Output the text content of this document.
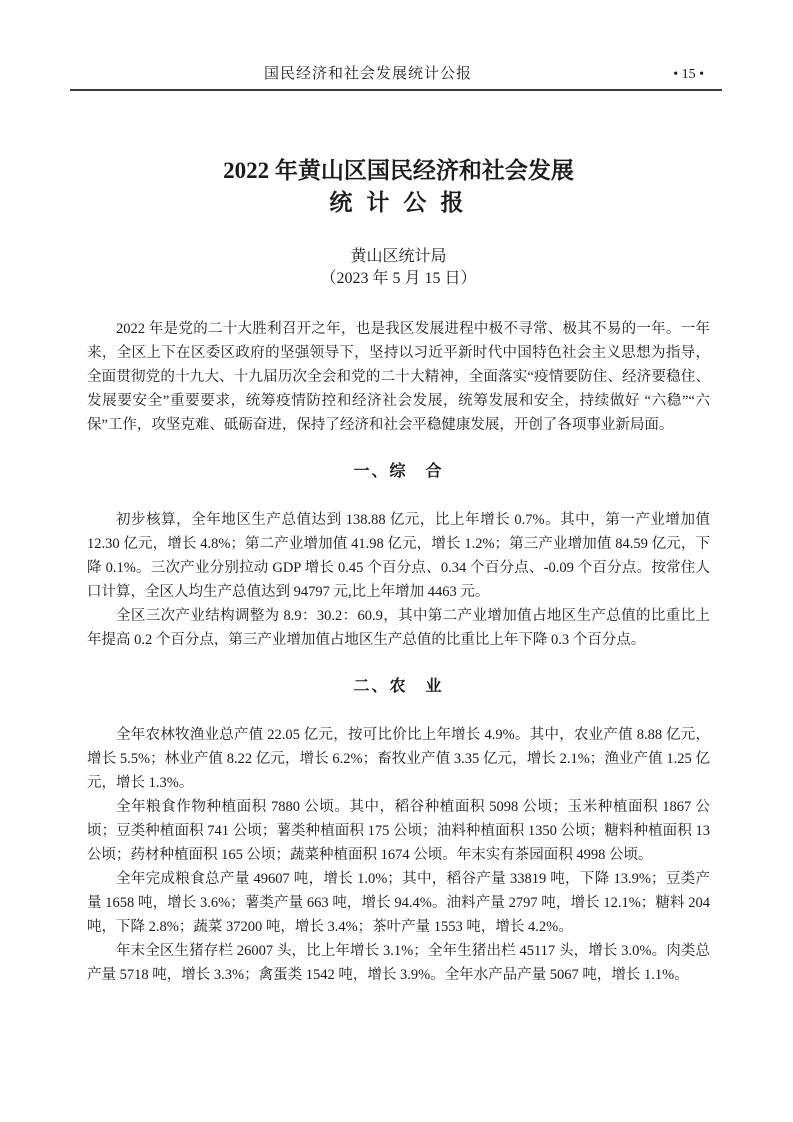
国民经济和社会发展统计公报	• 15 •
2022 年黄山区国民经济和社会发展
统 计 公 报
黄山区统计局
（2023 年 5 月 15 日）

2022 年是党的二十大胜利召开之年，也是我区发展进程中极不寻常、极其不易的一年。一年来，全区上下在区委区政府的坚强领导下，坚持以习近平新时代中国特色社会主义思想为指导，全面贯彻党的十九大、十九届历次全会和党的二十大精神，全面落实“疫情要防住、经济要稳住、发展要安全”重要要求，统筹疫情防控和经济社会发展，统筹发展和安全，持续做好 “六稳”“六保”工作，攻坚克难、砥砺奋进，保持了经济和社会平稳健康发展，开创了各项事业新局面。

一、综　合

初步核算，全年地区生产总值达到 138.88 亿元，比上年增长 0.7%。其中，第一产业增加值 12.30 亿元，增长 4.8%；第二产业增加值 41.98 亿元，增长 1.2%；第三产业增加值 84.59 亿元，下降 0.1%。三次产业分别拉动 GDP 增长 0.45 个百分点、0.34 个百分点、-0.09 个百分点。按常住人口计算，全区人均生产总值达到 94797 元,比上年增加 4463 元。

全区三次产业结构调整为 8.9：30.2：60.9，其中第二产业增加值占地区生产总值的比重比上年提高 0.2 个百分点，第三产业增加值占地区生产总值的比重比上年下降 0.3 个百分点。

二、农　业

全年农林牧渔业总产值 22.05 亿元，按可比价比上年增长 4.9%。其中，农业产值 8.88 亿元，增长 5.5%；林业产值 8.22 亿元，增长 6.2%；畜牧业产值 3.35 亿元，增长 2.1%；渔业产值 1.25 亿元，增长 1.3%。

全年粮食作物种植面积 7880 公顷。其中，稻谷种植面积 5098 公顷；玉米种植面积 1867 公顷；豆类种植面积 741 公顷；薯类种植面积 175 公顷；油料种植面积 1350 公顷；糖料种植面积 13 公顷；药材种植面积 165 公顷；蔬菜种植面积 1674 公顷。年末实有茶园面积 4998 公顷。

全年完成粮食总产量 49607 吨，增长 1.0%；其中，稻谷产量 33819 吨，下降 13.9%；豆类产量 1658 吨，增长 3.6%；薯类产量 663 吨，增长 94.4%。油料产量 2797 吨，增长 12.1%；糖料 204 吨，下降 2.8%；蔬菜 37200 吨，增长 3.4%；茶叶产量 1553 吨，增长 4.2%。

年末全区生猪存栏 26007 头，比上年增长 3.1%；全年生猪出栏 45117 头，增长 3.0%。肉类总产量 5718 吨，增长 3.3%；禽蛋类 1542 吨，增长 3.9%。全年水产品产量 5067 吨，增长 1.1%。
